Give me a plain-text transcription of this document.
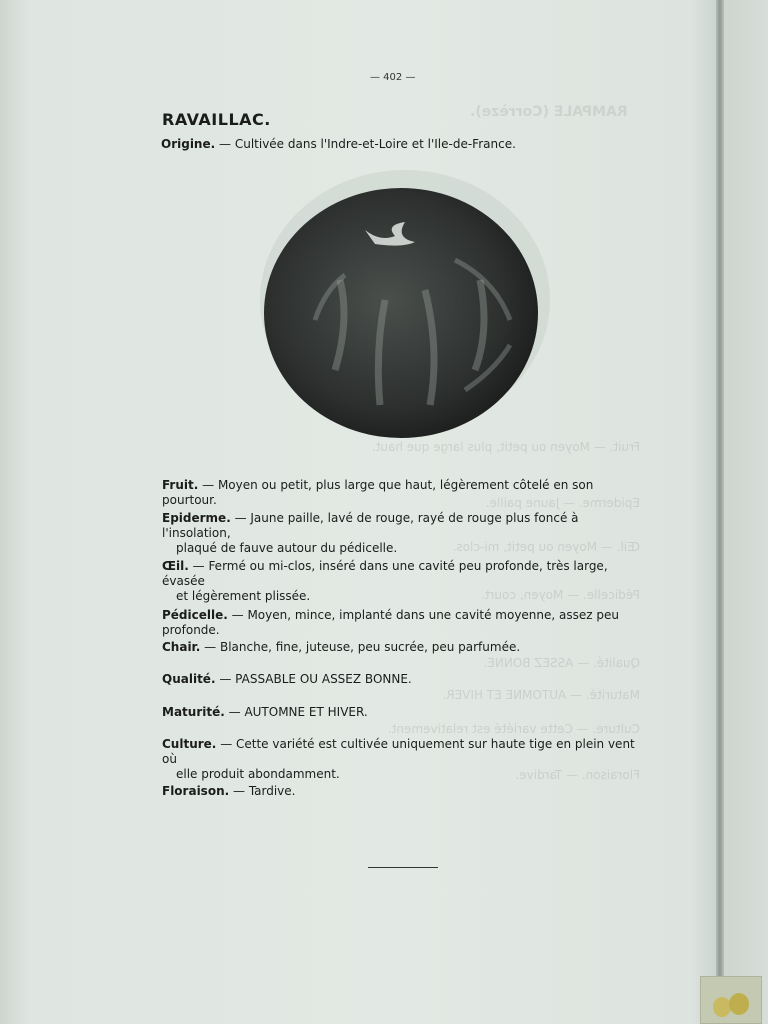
RAMPALE (Corrèze).
Fruit. — Moyen ou petit, plus large que haut.
Epiderme. — Jaune paille.
Œil. — Moyen ou petit, mi-clos.
Pédicelle. — Moyen, court.
Qualité. — ASSEZ BONNE.
Maturité. — AUTOMNE ET HIVER.
Culture. — Cette variété est relativement.
Floraison. — Tardive.
— 402 —
RAVAILLAC.
Origine. — Cultivée dans l'Indre-et-Loire et l'Ile-de-France.
Fruit. — Moyen ou petit, plus large que haut, légèrement côtelé en son pourtour.
Epiderme. — Jaune paille, lavé de rouge, rayé de rouge plus foncé à l'insolation,
plaqué de fauve autour du pédicelle.
Œil. — Fermé ou mi-clos, inséré dans une cavité peu profonde, très large, évasée
et légèrement plissée.
Pédicelle. — Moyen, mince, implanté dans une cavité moyenne, assez peu profonde.
Chair. — Blanche, fine, juteuse, peu sucrée, peu parfumée.
Qualité. — PASSABLE OU ASSEZ BONNE.
Maturité. — AUTOMNE ET HIVER.
Culture. — Cette variété est cultivée uniquement sur haute tige en plein vent où
elle produit abondamment.
Floraison. — Tardive.
